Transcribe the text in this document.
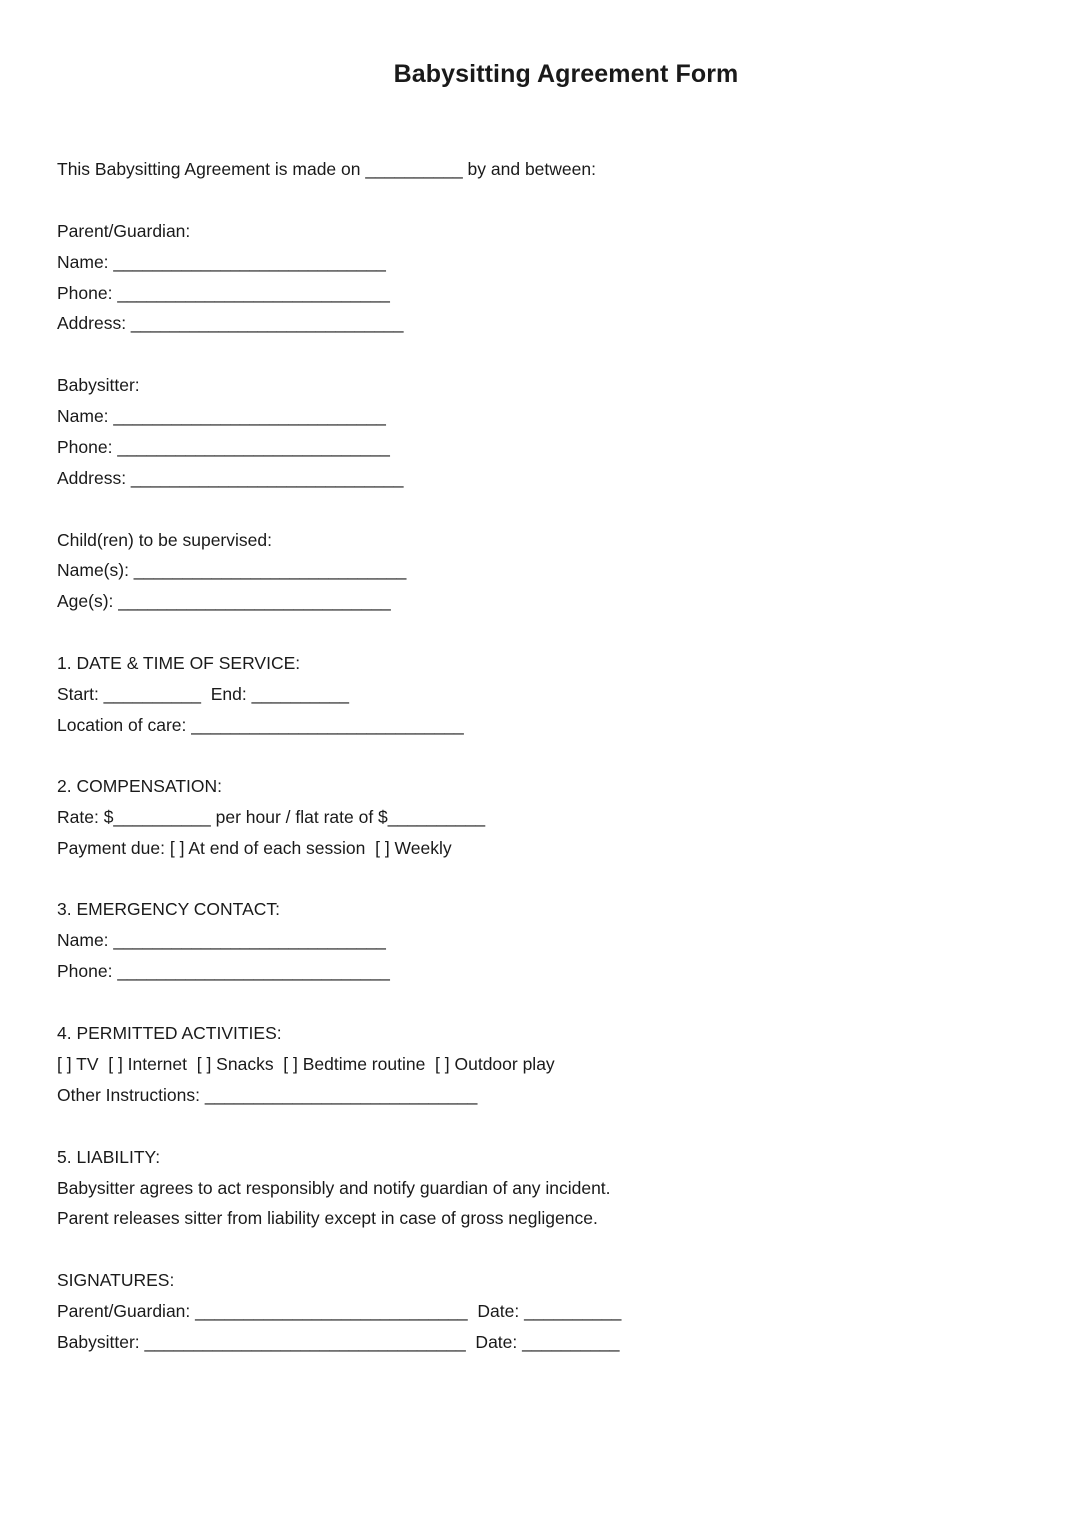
Babysitting Agreement Form
This Babysitting Agreement is made on __________ by and between:
Parent/Guardian:
Name: ____________________________
Phone: ____________________________
Address: ____________________________
Babysitter:
Name: ____________________________
Phone: ____________________________
Address: ____________________________
Child(ren) to be supervised:
Name(s): ____________________________
Age(s): ____________________________
1. DATE & TIME OF SERVICE:
Start: __________  End: __________
Location of care: ____________________________
2. COMPENSATION:
Rate: $__________ per hour / flat rate of $__________
Payment due: [ ] At end of each session  [ ] Weekly
3. EMERGENCY CONTACT:
Name: ____________________________
Phone: ____________________________
4. PERMITTED ACTIVITIES:
[ ] TV  [ ] Internet  [ ] Snacks  [ ] Bedtime routine  [ ] Outdoor play
Other Instructions: ____________________________
5. LIABILITY:
Babysitter agrees to act responsibly and notify guardian of any incident.
Parent releases sitter from liability except in case of gross negligence.
SIGNATURES:
Parent/Guardian: ____________________________  Date: __________
Babysitter: _________________________________  Date: __________
